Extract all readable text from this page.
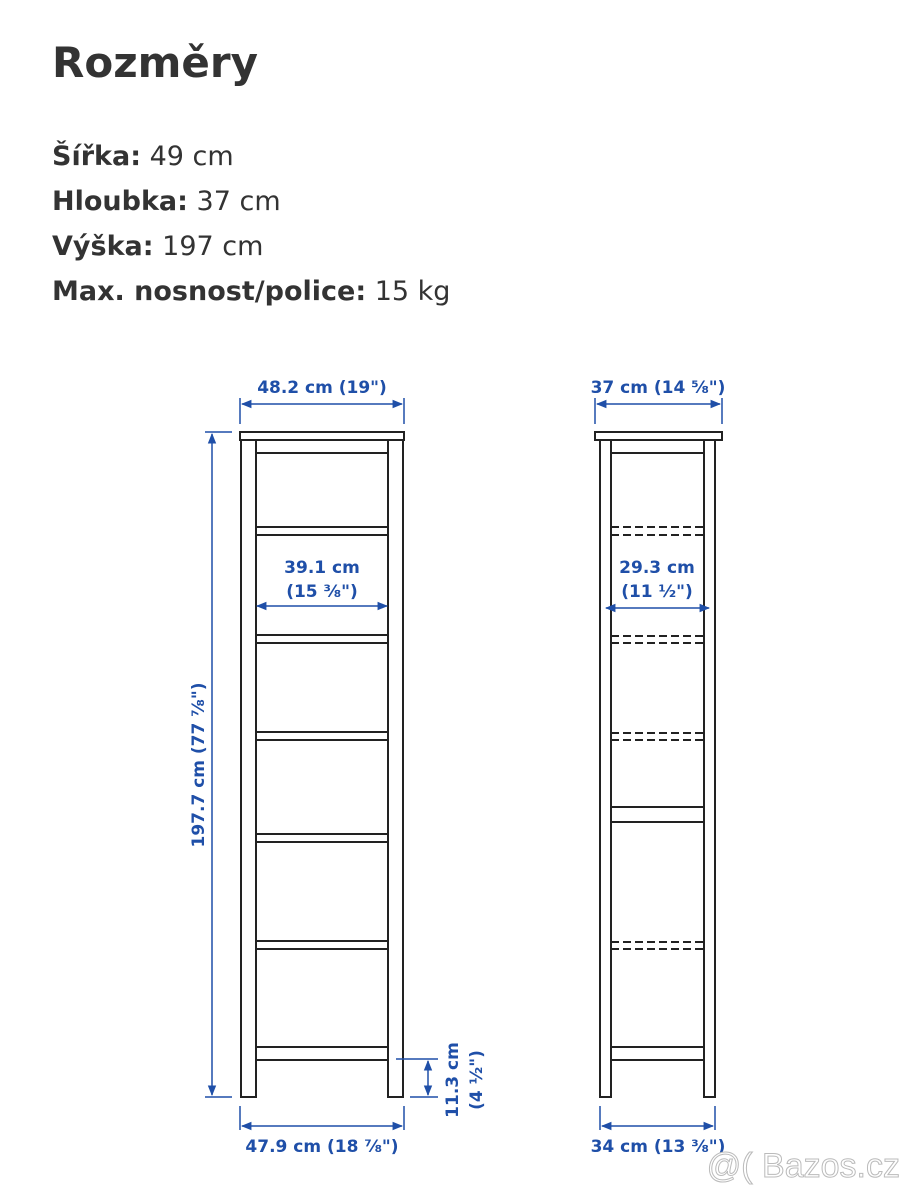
Rozměry
Šířka: 49 cm
Hloubka: 37 cm
Výška: 197 cm
Max. nosnost/police: 15 kg
48.2 cm (19")
39.1 cm
(15 ⅜")
197.7 cm (77 ⅞")
11.3 cm (4 ½")
47.9 cm (18 ⅞")
37 cm (14 ⅝")
29.3 cm
(11 ½")
34 cm (13 ⅜")
@( Bazos.cz
